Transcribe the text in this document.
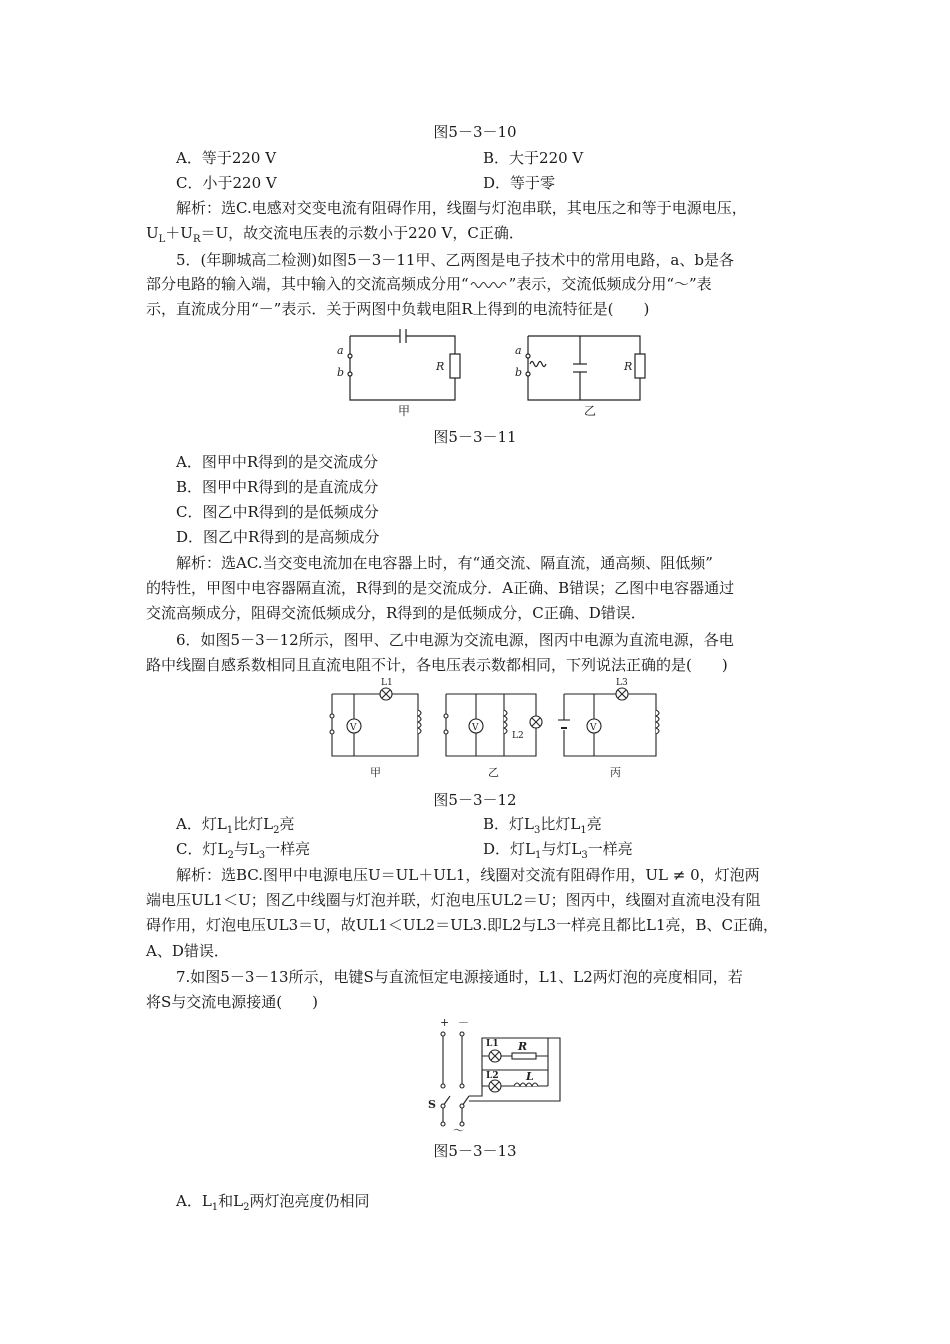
图5－3－10
A．等于220 V	B．大于220 V
C．小于220 V	D．等于零
解析：选C.电感对交变电流有阻碍作用，线圈与灯泡串联，其电压之和等于电源电压，
$U_L+U_R=U$，故交流电压表的示数小于220 V，C正确．
5．(年聊城高二检测)如图5－3－11甲、乙两图是电子技术中的常用电路，a、b是各
部分电路的输入端，其中输入的交流高频成分用“	”表示，交流低频成分用“～”表
示，直流成分用“－”表示．关于两图中负载电阻R上得到的电流特征是(　　)
a
b	R
甲
a
b	R
乙
图5－3－11
A．图甲中R得到的是交流成分
B．图甲中R得到的是直流成分
C．图乙中R得到的是低频成分
D．图乙中R得到的是高频成分
解析：选AC.当交变电流加在电容器上时，有“通交流、隔直流，通高频、阻低频”
的特性，甲图中电容器隔直流，R得到的是交流成分．A正确、B错误；乙图中电容器通过
交流高频成分，阻碍交流低频成分，R得到的是低频成分，C正确、D错误．
6．如图5－3－12所示，图甲、乙中电源为交流电源，图丙中电源为直流电源，各电
路中线圈自感系数相同且直流电阻不计，各电压表示数都相同，下列说法正确的是(　　)
V
L1
甲
V
L2
乙
V
L3
丙
图5－3－12
A．灯$L_1$比灯$L_2$亮	B．灯$L_3$比灯$L_1$亮
C．灯$L_2$与$L_3$一样亮	D．灯$L_1$与灯$L_3$一样亮
解析：选BC.图甲中电源电压U＝UL＋UL1，线圈对交流有阻碍作用，UL ≠ 0，灯泡两
端电压UL1＜U；图乙中线圈与灯泡并联，灯泡电压UL2＝U；图丙中，线圈对直流电没有阻
碍作用，灯泡电压UL3＝U，故UL1＜UL2＝UL3.即L2与L3一样亮且都比L1亮，B、C正确，
A、D错误．
7.如图5－3－13所示，电键S与直流恒定电源接通时，L1、L2两灯泡的亮度相同，若
将S与交流电源接通(　　)
+ －
S
～
L1 R
L2 L
图5－3－13
A．$L_1$和$L_2$两灯泡亮度仍相同
